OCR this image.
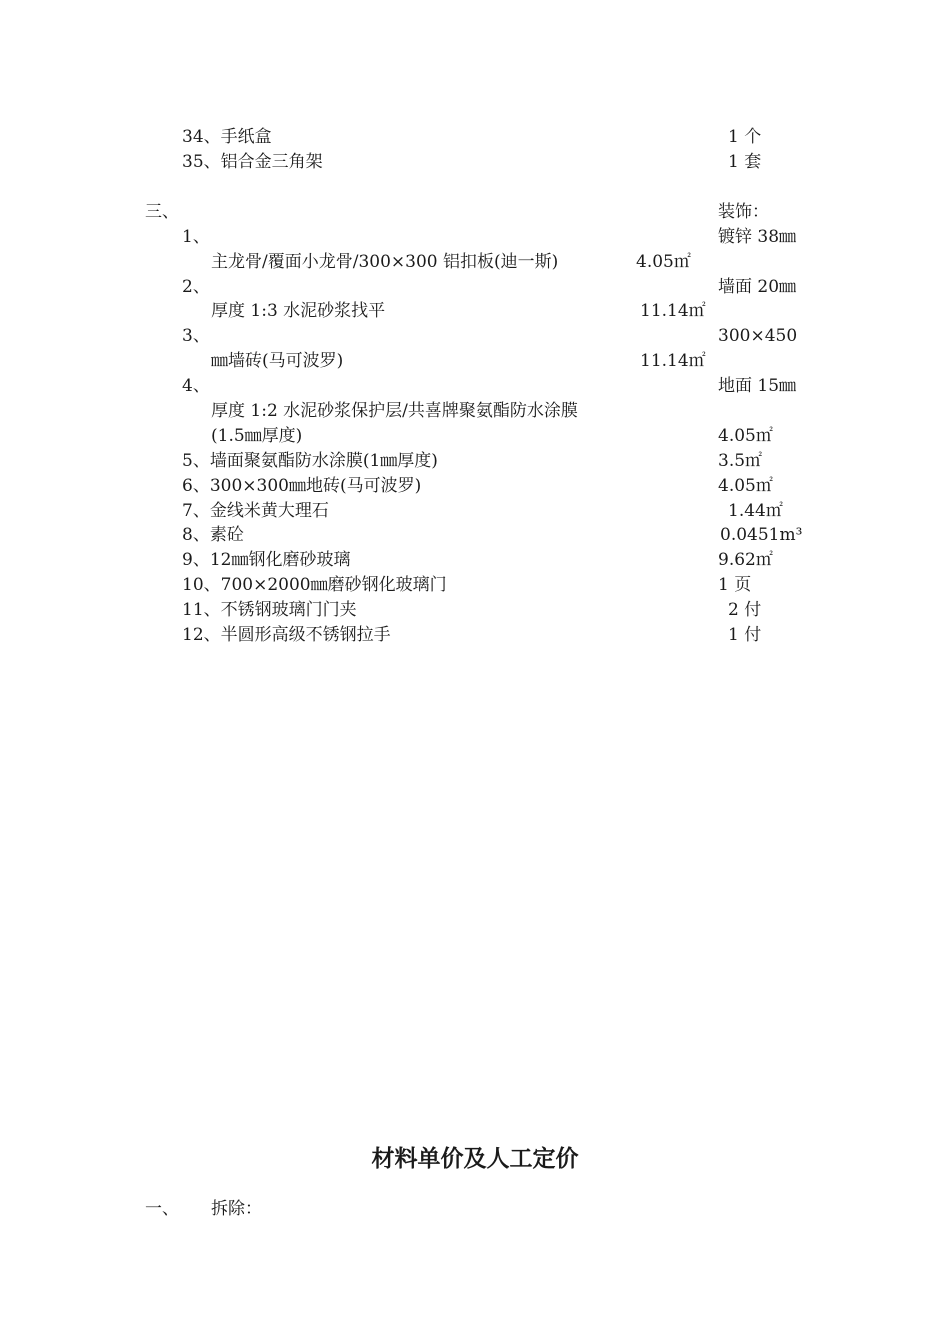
34、手纸盒	1 个
35、铝合金三角架	1 套
三、	装饰：
1、	镀锌 38㎜
主龙骨/覆面小龙骨/300×300 铝扣板(迪一斯)	4.05㎡
2、	墙面 20㎜
厚度 1:3 水泥砂浆找平	11.14㎡
3、	300×450
㎜墙砖(马可波罗)	11.14㎡
4、	地面 15㎜
厚度 1:2 水泥砂浆保护层/共喜牌聚氨酯防水涂膜
(1.5㎜厚度)	4.05㎡
5、墙面聚氨酯防水涂膜(1㎜厚度)	3.5㎡
6、300×300㎜地砖(马可波罗)	4.05㎡
7、金线米黄大理石	1.44㎡
8、素砼	0.0451m³
9、12㎜钢化磨砂玻璃	9.62㎡
10、700×2000㎜磨砂钢化玻璃门	1 页
11、不锈钢玻璃门门夹	2 付
12、半圆形高级不锈钢拉手	1 付
材料单价及人工定价
一、 拆除：
